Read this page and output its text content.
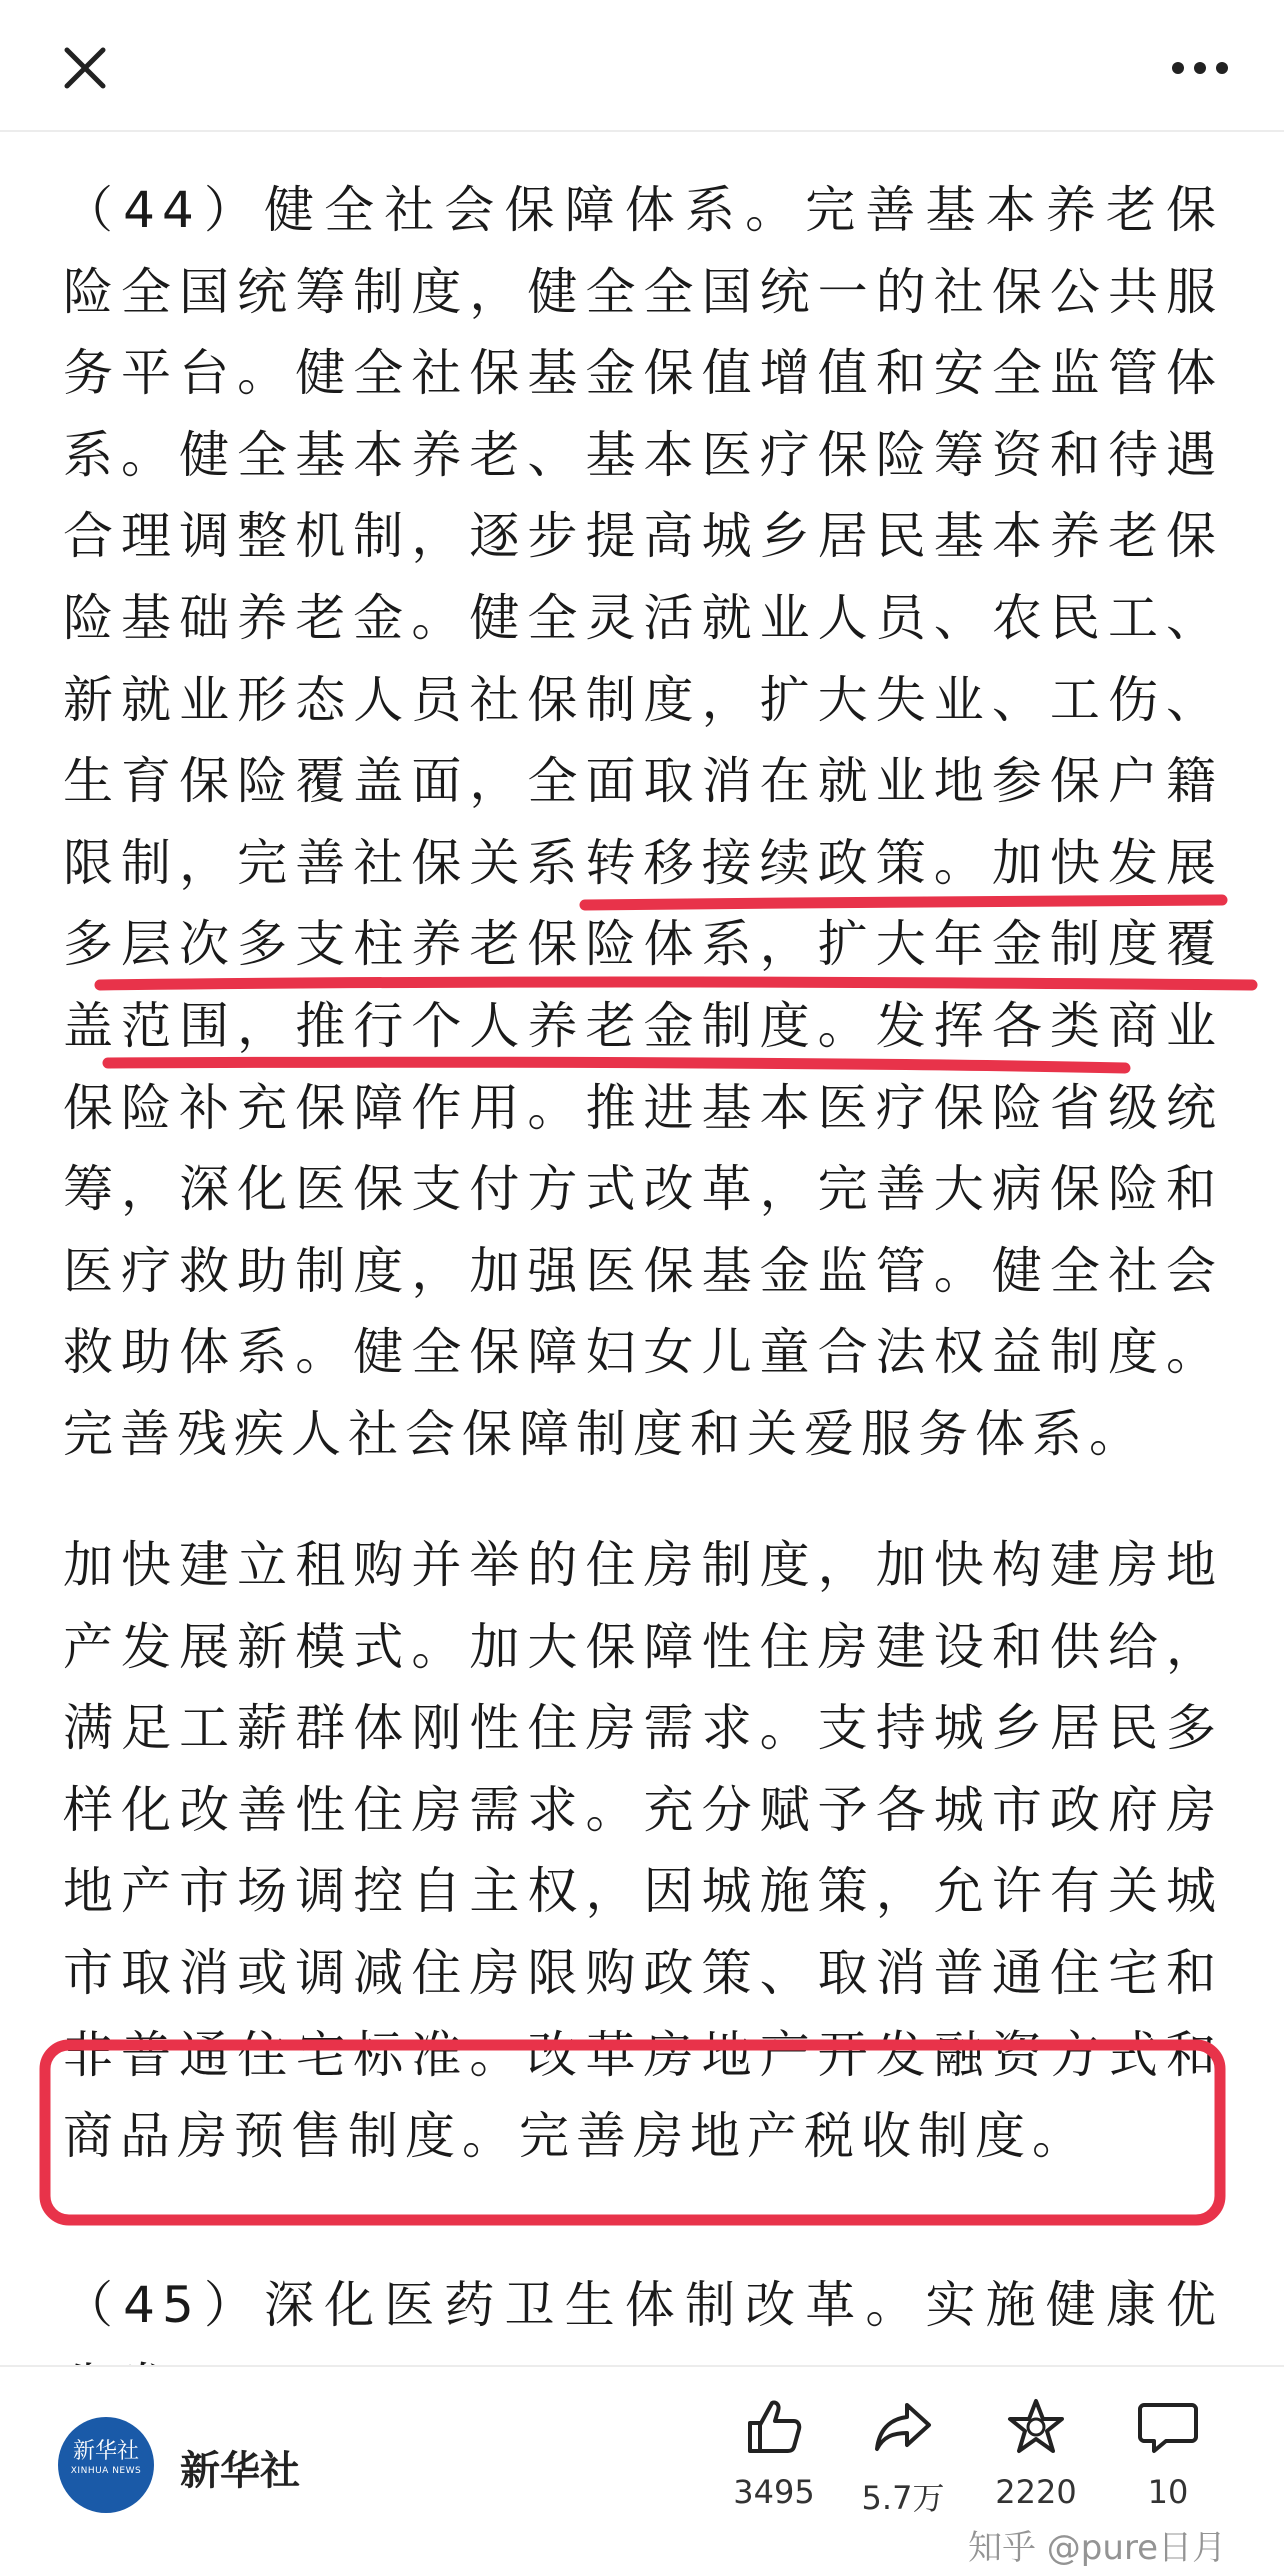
（44）健全社会保障体系。完善基本养老保险全国统筹制度，健全全国统一的社保公共服务平台。健全社保基金保值增值和安全监管体系。健全基本养老、基本医疗保险筹资和待遇合理调整机制，逐步提高城乡居民基本养老保险基础养老金。健全灵活就业人员、农民工、新就业形态人员社保制度，扩大失业、工伤、生育保险覆盖面，全面取消在就业地参保户籍限制，完善社保关系转移接续政策。加快发展多层次多支柱养老保险体系，扩大年金制度覆盖范围，推行个人养老金制度。发挥各类商业保险补充保障作用。推进基本医疗保险省级统筹，深化医保支付方式改革，完善大病保险和医疗救助制度，加强医保基金监管。健全社会救助体系。健全保障妇女儿童合法权益制度。完善残疾人社会保障制度和关爱服务体系。

加快建立租购并举的住房制度，加快构建房地产发展新模式。加大保障性住房建设和供给，满足工薪群体刚性住房需求。支持城乡居民多样化改善性住房需求。充分赋予各城市政府房地产市场调控自主权，因城施策，允许有关城市取消或调减住房限购政策、取消普通住宅和非普通住宅标准。改革房地产开发融资方式和商品房预售制度。完善房地产税收制度。

（45）深化医药卫生体制改革。实施健康优

新华社
XINHUA NEWS 新华社	3495	5.7万	2220	10
知乎 @pure日月
